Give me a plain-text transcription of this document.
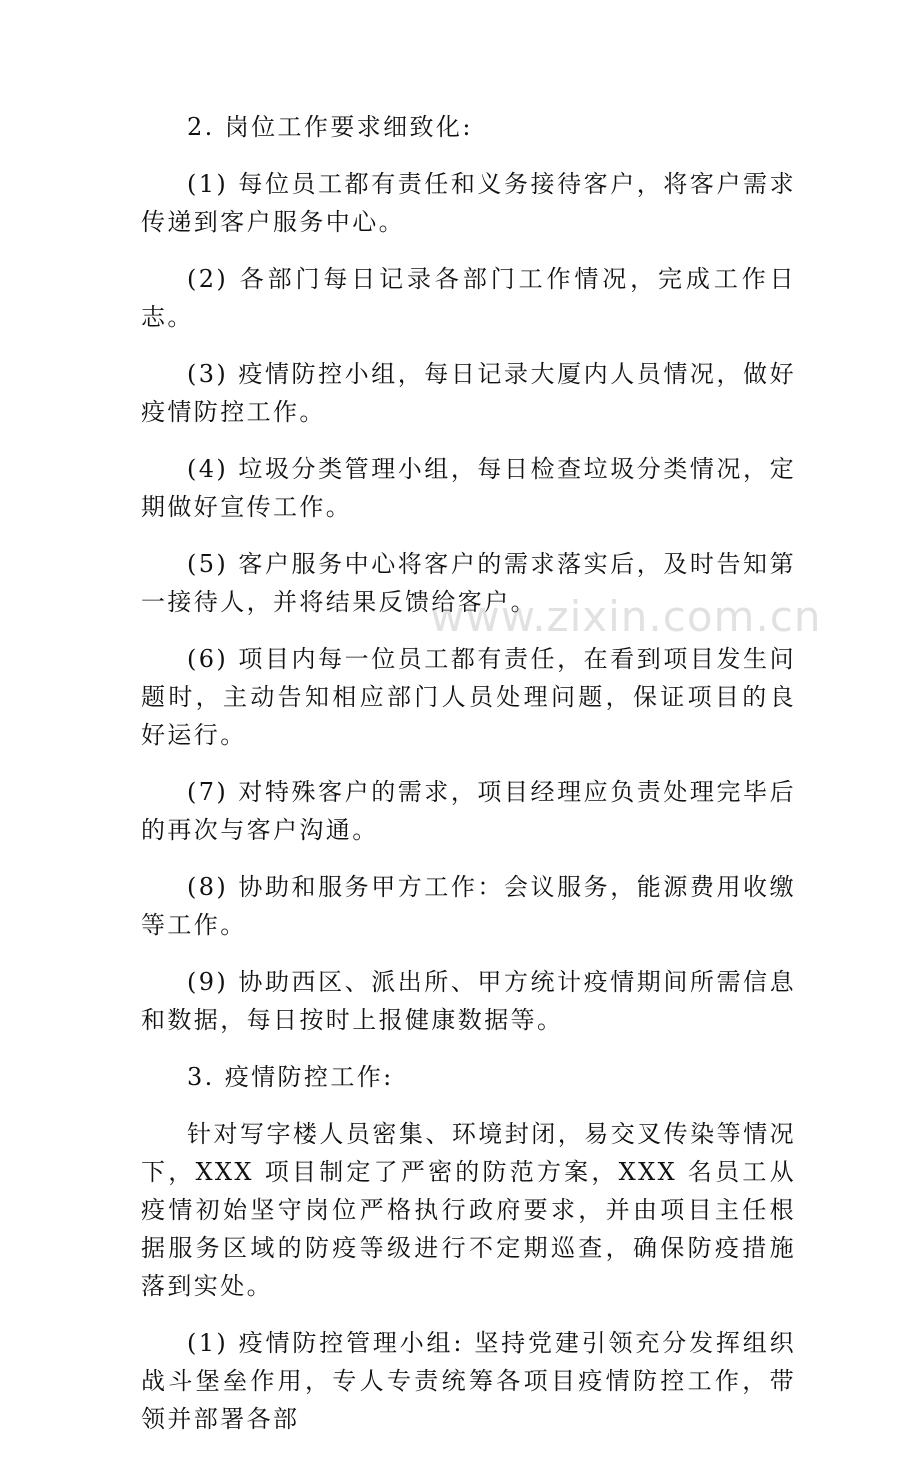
2. 岗位工作要求细致化:

(1) 每位员工都有责任和义务接待客户，将客户需求传递到客户服务中心。

(2) 各部门每日记录各部门工作情况，完成工作日志。

(3) 疫情防控小组，每日记录大厦内人员情况，做好疫情防控工作。

(4) 垃圾分类管理小组，每日检查垃圾分类情况，定期做好宣传工作。

(5) 客户服务中心将客户的需求落实后，及时告知第一接待人，并将结果反馈给客户。

(6) 项目内每一位员工都有责任，在看到项目发生问题时，主动告知相应部门人员处理问题，保证项目的良好运行。

(7) 对特殊客户的需求，项目经理应负责处理完毕后的再次与客户沟通。

(8) 协助和服务甲方工作：会议服务，能源费用收缴等工作。

(9) 协助西区、派出所、甲方统计疫情期间所需信息和数据，每日按时上报健康数据等。

3. 疫情防控工作:

针对写字楼人员密集、环境封闭，易交叉传染等情况下，XXX 项目制定了严密的防范方案，XXX 名员工从疫情初始坚守岗位严格执行政府要求，并由项目主任根据服务区域的防疫等级进行不定期巡查，确保防疫措施落到实处。

(1) 疫情防控管理小组: 坚持党建引领充分发挥组织战斗堡垒作用，专人专责统筹各项目疫情防控工作，带领并部署各部

www.zixin.com.cn
